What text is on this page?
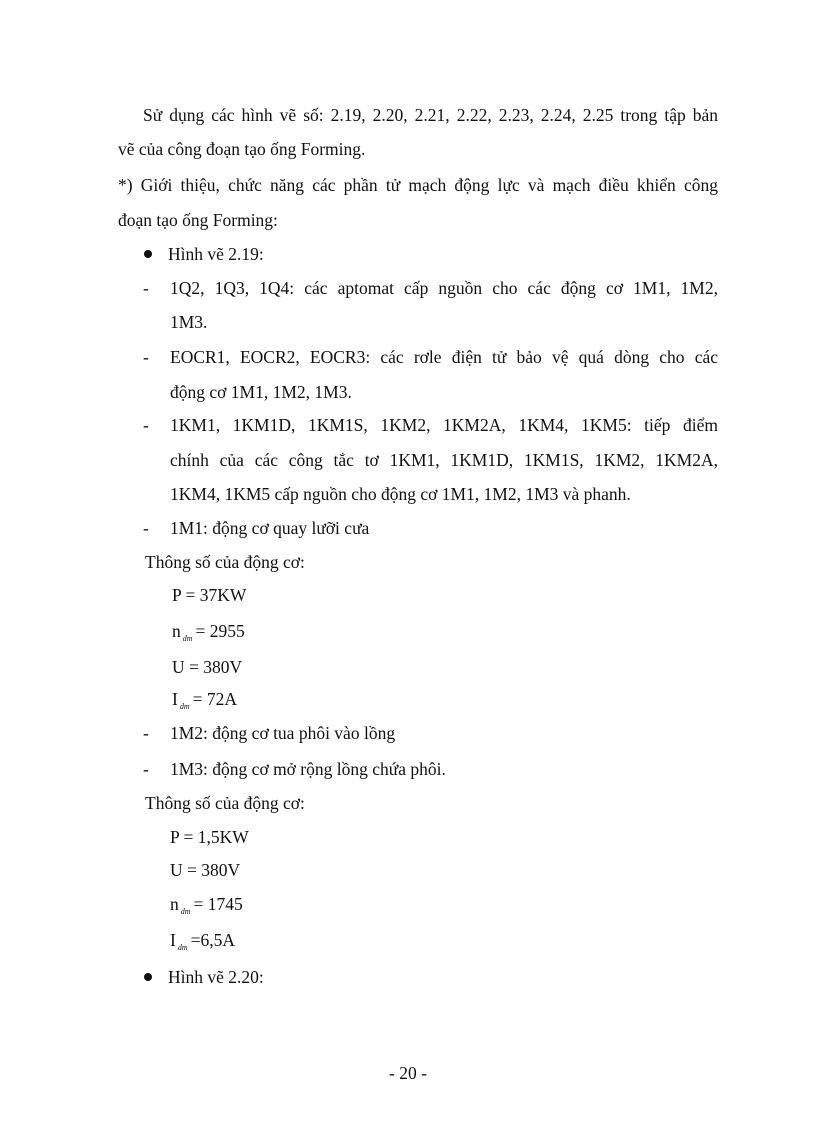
Sử dụng các hình vẽ số: 2.19, 2.20, 2.21, 2.22, 2.23, 2.24, 2.25 trong tập bản
vẽ của công đoạn tạo ống Forming.
*) Giới thiệu, chức năng các phần tử mạch động lực và mạch điều khiển công
đoạn tạo ống Forming:
Hình vẽ 2.19:
- 1Q2, 1Q3, 1Q4: các aptomat cấp nguồn cho các động cơ 1M1, 1M2,
1M3.
- EOCR1, EOCR2, EOCR3: các rơle điện tử bảo vệ quá dòng cho các
động cơ 1M1, 1M2, 1M3.
- 1KM1, 1KM1D, 1KM1S, 1KM2, 1KM2A, 1KM4, 1KM5: tiếp điểm
chính của các công tắc tơ 1KM1, 1KM1D, 1KM1S, 1KM2, 1KM2A,
1KM4, 1KM5 cấp nguồn cho động cơ 1M1, 1M2, 1M3 và phanh.
- 1M1: động cơ quay lưỡi cưa
Thông số của động cơ:
P = 37KW
n $_{dm}$ = 2955
U = 380V
I $_{dm}$ = 72A
- 1M2: động cơ tua phôi vào lồng
- 1M3: động cơ mở rộng lồng chứa phôi.
Thông số của động cơ:
P = 1,5KW
U = 380V
n $_{dm}$ = 1745
I $_{dm}$ =6,5A
Hình vẽ 2.20:
- 20 -
